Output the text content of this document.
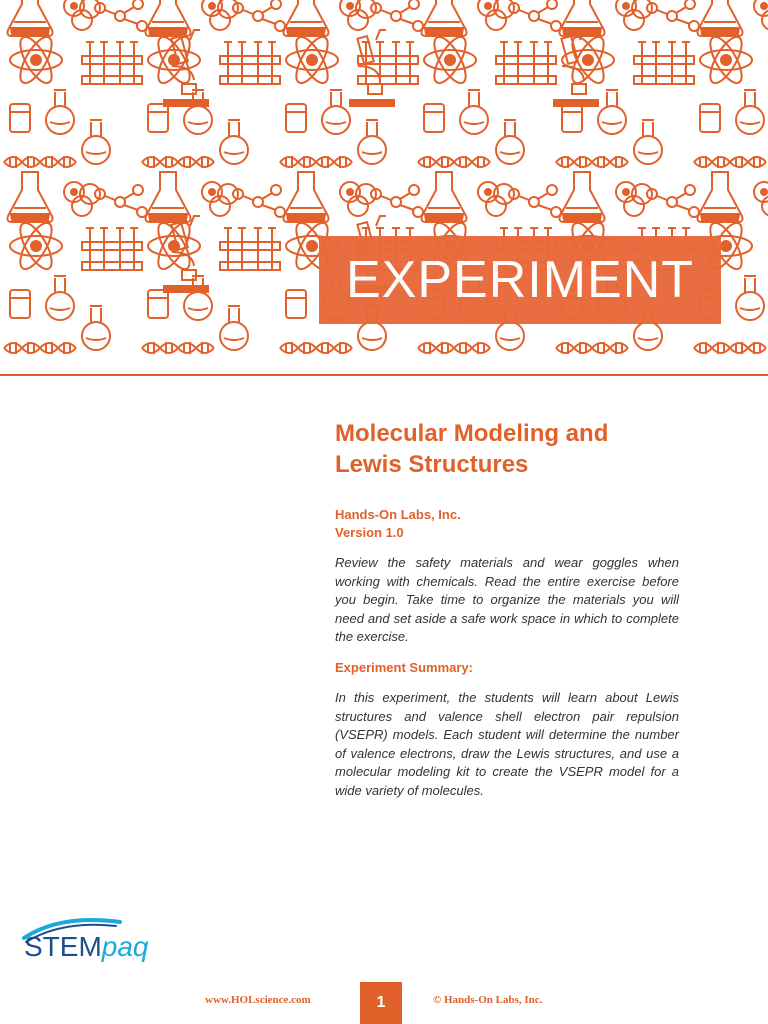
EXPERIMENT
Molecular Modeling and
Lewis Structures
Hands-On Labs, Inc.
Version 1.0
Review the safety materials and wear goggles when working with chemicals. Read the entire exercise before you begin. Take time to organize the materials you will need and set aside a safe work space in which to complete the exercise.
Experiment Summary:
In this experiment, the students will learn about Lewis structures and valence shell electron pair repulsion (VSEPR) models. Each student will determine the number of valence electrons, draw the Lewis structures, and use a molecular modeling kit to create the VSEPR model for a wide variety of molecules.
STEMpaq
www.HOLscience.com	1	© Hands-On Labs, Inc.
